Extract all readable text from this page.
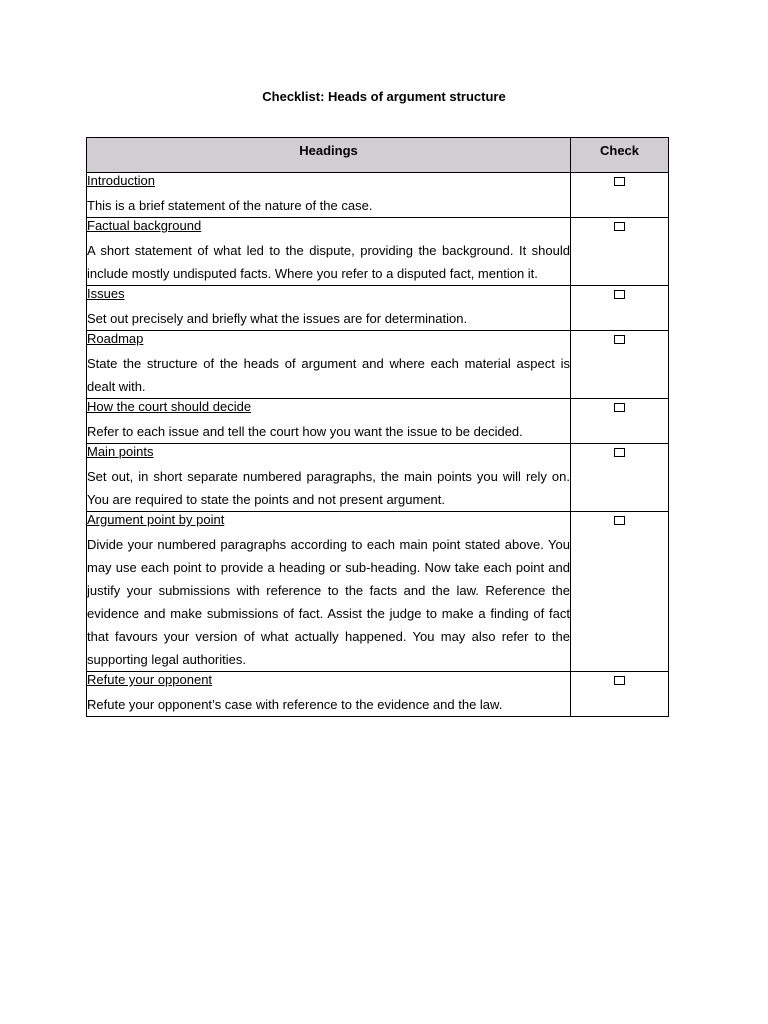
Checklist: Heads of argument structure
Headings	Check

Introduction
This is a brief statement of the nature of the case.	

Factual background
A short statement of what led to the dispute, providing the background. It should include mostly undisputed facts. Where you refer to a disputed fact, mention it.	

Issues
Set out precisely and briefly what the issues are for determination.	

Roadmap
State the structure of the heads of argument and where each material aspect is dealt with.	

How the court should decide
Refer to each issue and tell the court how you want the issue to be decided.	

Main points
Set out, in short separate numbered paragraphs, the main points you will rely on. You are required to state the points and not present argument.	

Argument point by point
Divide your numbered paragraphs according to each main point stated above. You may use each point to provide a heading or sub-heading. Now take each point and justify your submissions with reference to the facts and the law. Reference the evidence and make submissions of fact. Assist the judge to make a finding of fact that favours your version of what actually happened. You may also refer to the supporting legal authorities.	

Refute your opponent
Refute your opponent’s case with reference to the evidence and the law.	
